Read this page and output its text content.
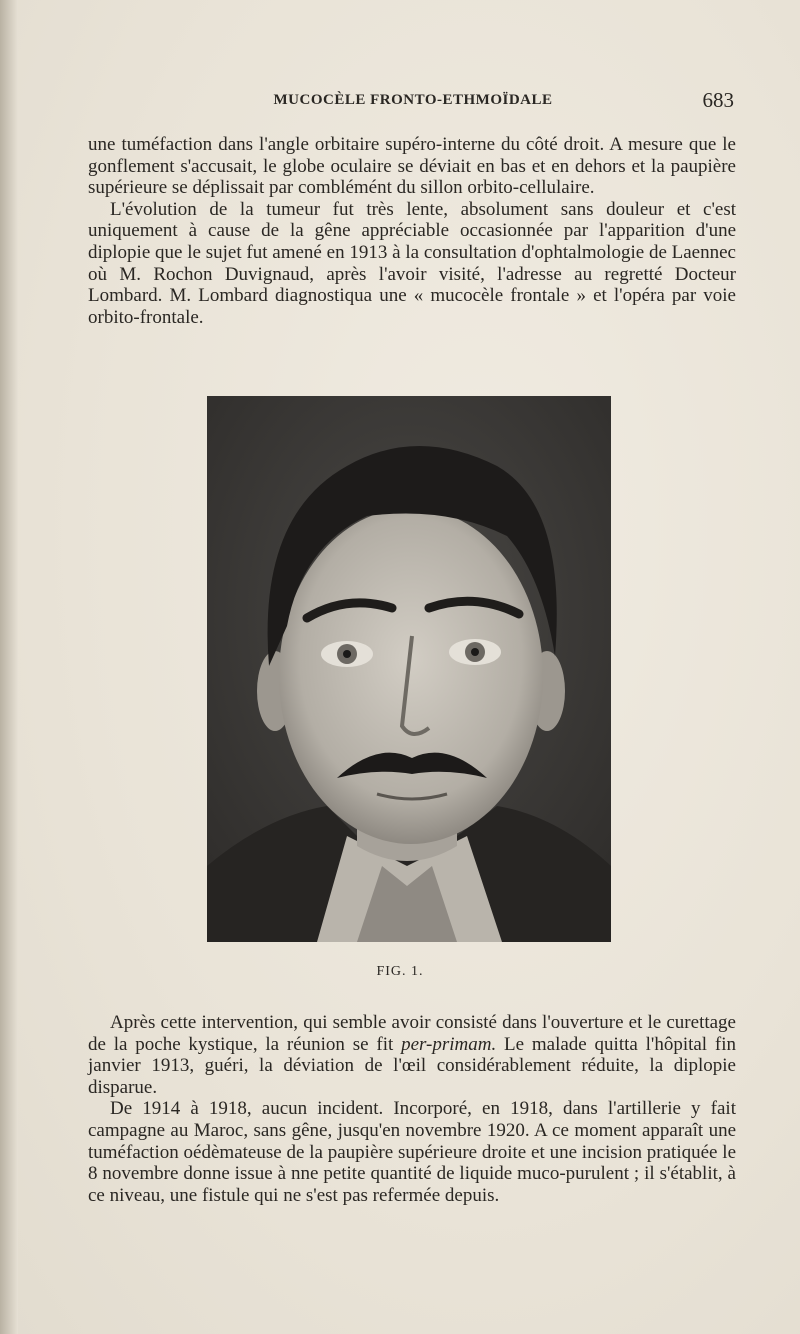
MUCOCÈLE FRONTO-ETHMOÏDALE	683

une tuméfaction dans l'angle orbitaire supéro-interne du côté droit. A mesure que le gonflement s'accusait, le globe oculaire se déviait en bas et en dehors et la paupière supérieure se déplissait par comblémént du sillon orbito-cellulaire.

L'évolution de la tumeur fut très lente, absolument sans douleur et c'est uniquement à cause de la gêne appréciable occasionnée par l'apparition d'une diplopie que le sujet fut amené en 1913 à la consultation d'ophtalmologie de Laennec où M. Rochon Duvignaud, après l'avoir visité, l'adresse au regretté Docteur Lombard. M. Lombard diagnostiqua une « mucocèle frontale » et l'opéra par voie orbito-frontale.

FIG. 1.

Après cette intervention, qui semble avoir consisté dans l'ouverture et le curettage de la poche kystique, la réunion se fit per-primam. Le malade quitta l'hôpital fin janvier 1913, guéri, la déviation de l'œil considérablement réduite, la diplopie disparue.

De 1914 à 1918, aucun incident. Incorporé, en 1918, dans l'artillerie y fait campagne au Maroc, sans gêne, jusqu'en novembre 1920. A ce moment apparaît une tuméfaction oédèmateuse de la paupière supérieure droite et une incision pratiquée le 8 novembre donne issue à nne petite quantité de liquide muco-purulent ; il s'établit, à ce niveau, une fistule qui ne s'est pas refermée depuis.
